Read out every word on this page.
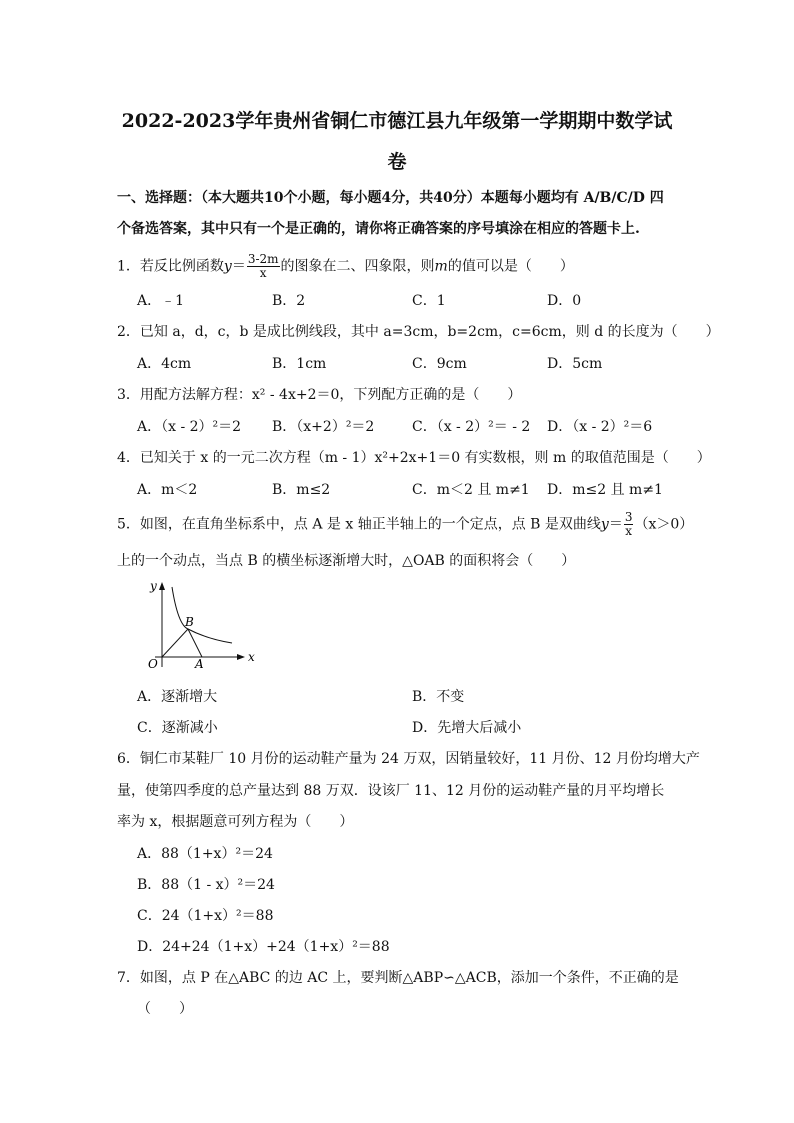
2022-2023学年贵州省铜仁市德江县九年级第一学期期中数学试
卷
一、选择题：（本大题共10个小题，每小题4分，共40分）本题每小题均有 A/B/C/D 四
个备选答案，其中只有一个是正确的，请你将正确答案的序号填涂在相应的答题卡上.
1．若反比例函数$y= \frac{3-2m}{x}$ 的图象在二、四象限，则m的值可以是（　　）
A．﹣1	B．2	C．1	D．0
2．已知 a，d，c，b 是成比例线段，其中 a=3cm，b=2cm，c=6cm，则 d 的长度为（　　）
A．4cm	B．1cm	C．9cm	D．5cm
3．用配方法解方程：x² - 4x+2＝0，下列配方正确的是（　　）
A．（x - 2）²＝2 B．（x+2）²＝2	C．（x - 2）²＝ - 2 D．（x - 2）²＝6
4．已知关于 x 的一元二次方程（m - 1）x²+2x+1＝0 有实数根，则 m 的取值范围是（　　）
A．m＜2	B．m≤2	C．m＜2 且 m≠1 D．m≤2 且 m≠1
5．如图，在直角坐标系中，点 A 是 x 轴正半轴上的一个定点，点 B 是双曲线$y= \frac{3}{x} (x>0)$
上的一个动点，当点 B 的横坐标逐渐增大时，△OAB 的面积将会（　　）
y
x
O	A
B
A．逐渐增大	B．不变
C．逐渐减小	D．先增大后减小
6．铜仁市某鞋厂 10 月份的运动鞋产量为 24 万双，因销量较好，11 月份、12 月份均增大产
量，使第四季度的总产量达到 88 万双．设该厂 11、12 月份的运动鞋产量的月平均增长
率为 x，根据题意可列方程为（　　）
A．88（1+x）²＝24
B．88（1 - x）²＝24
C．24（1+x）²＝88
D．24+24（1+x）+24（1+x）²＝88
7．如图，点 P 在△ABC 的边 AC 上，要判断△ABP∽△ACB，添加一个条件，不正确的是
（　　）
